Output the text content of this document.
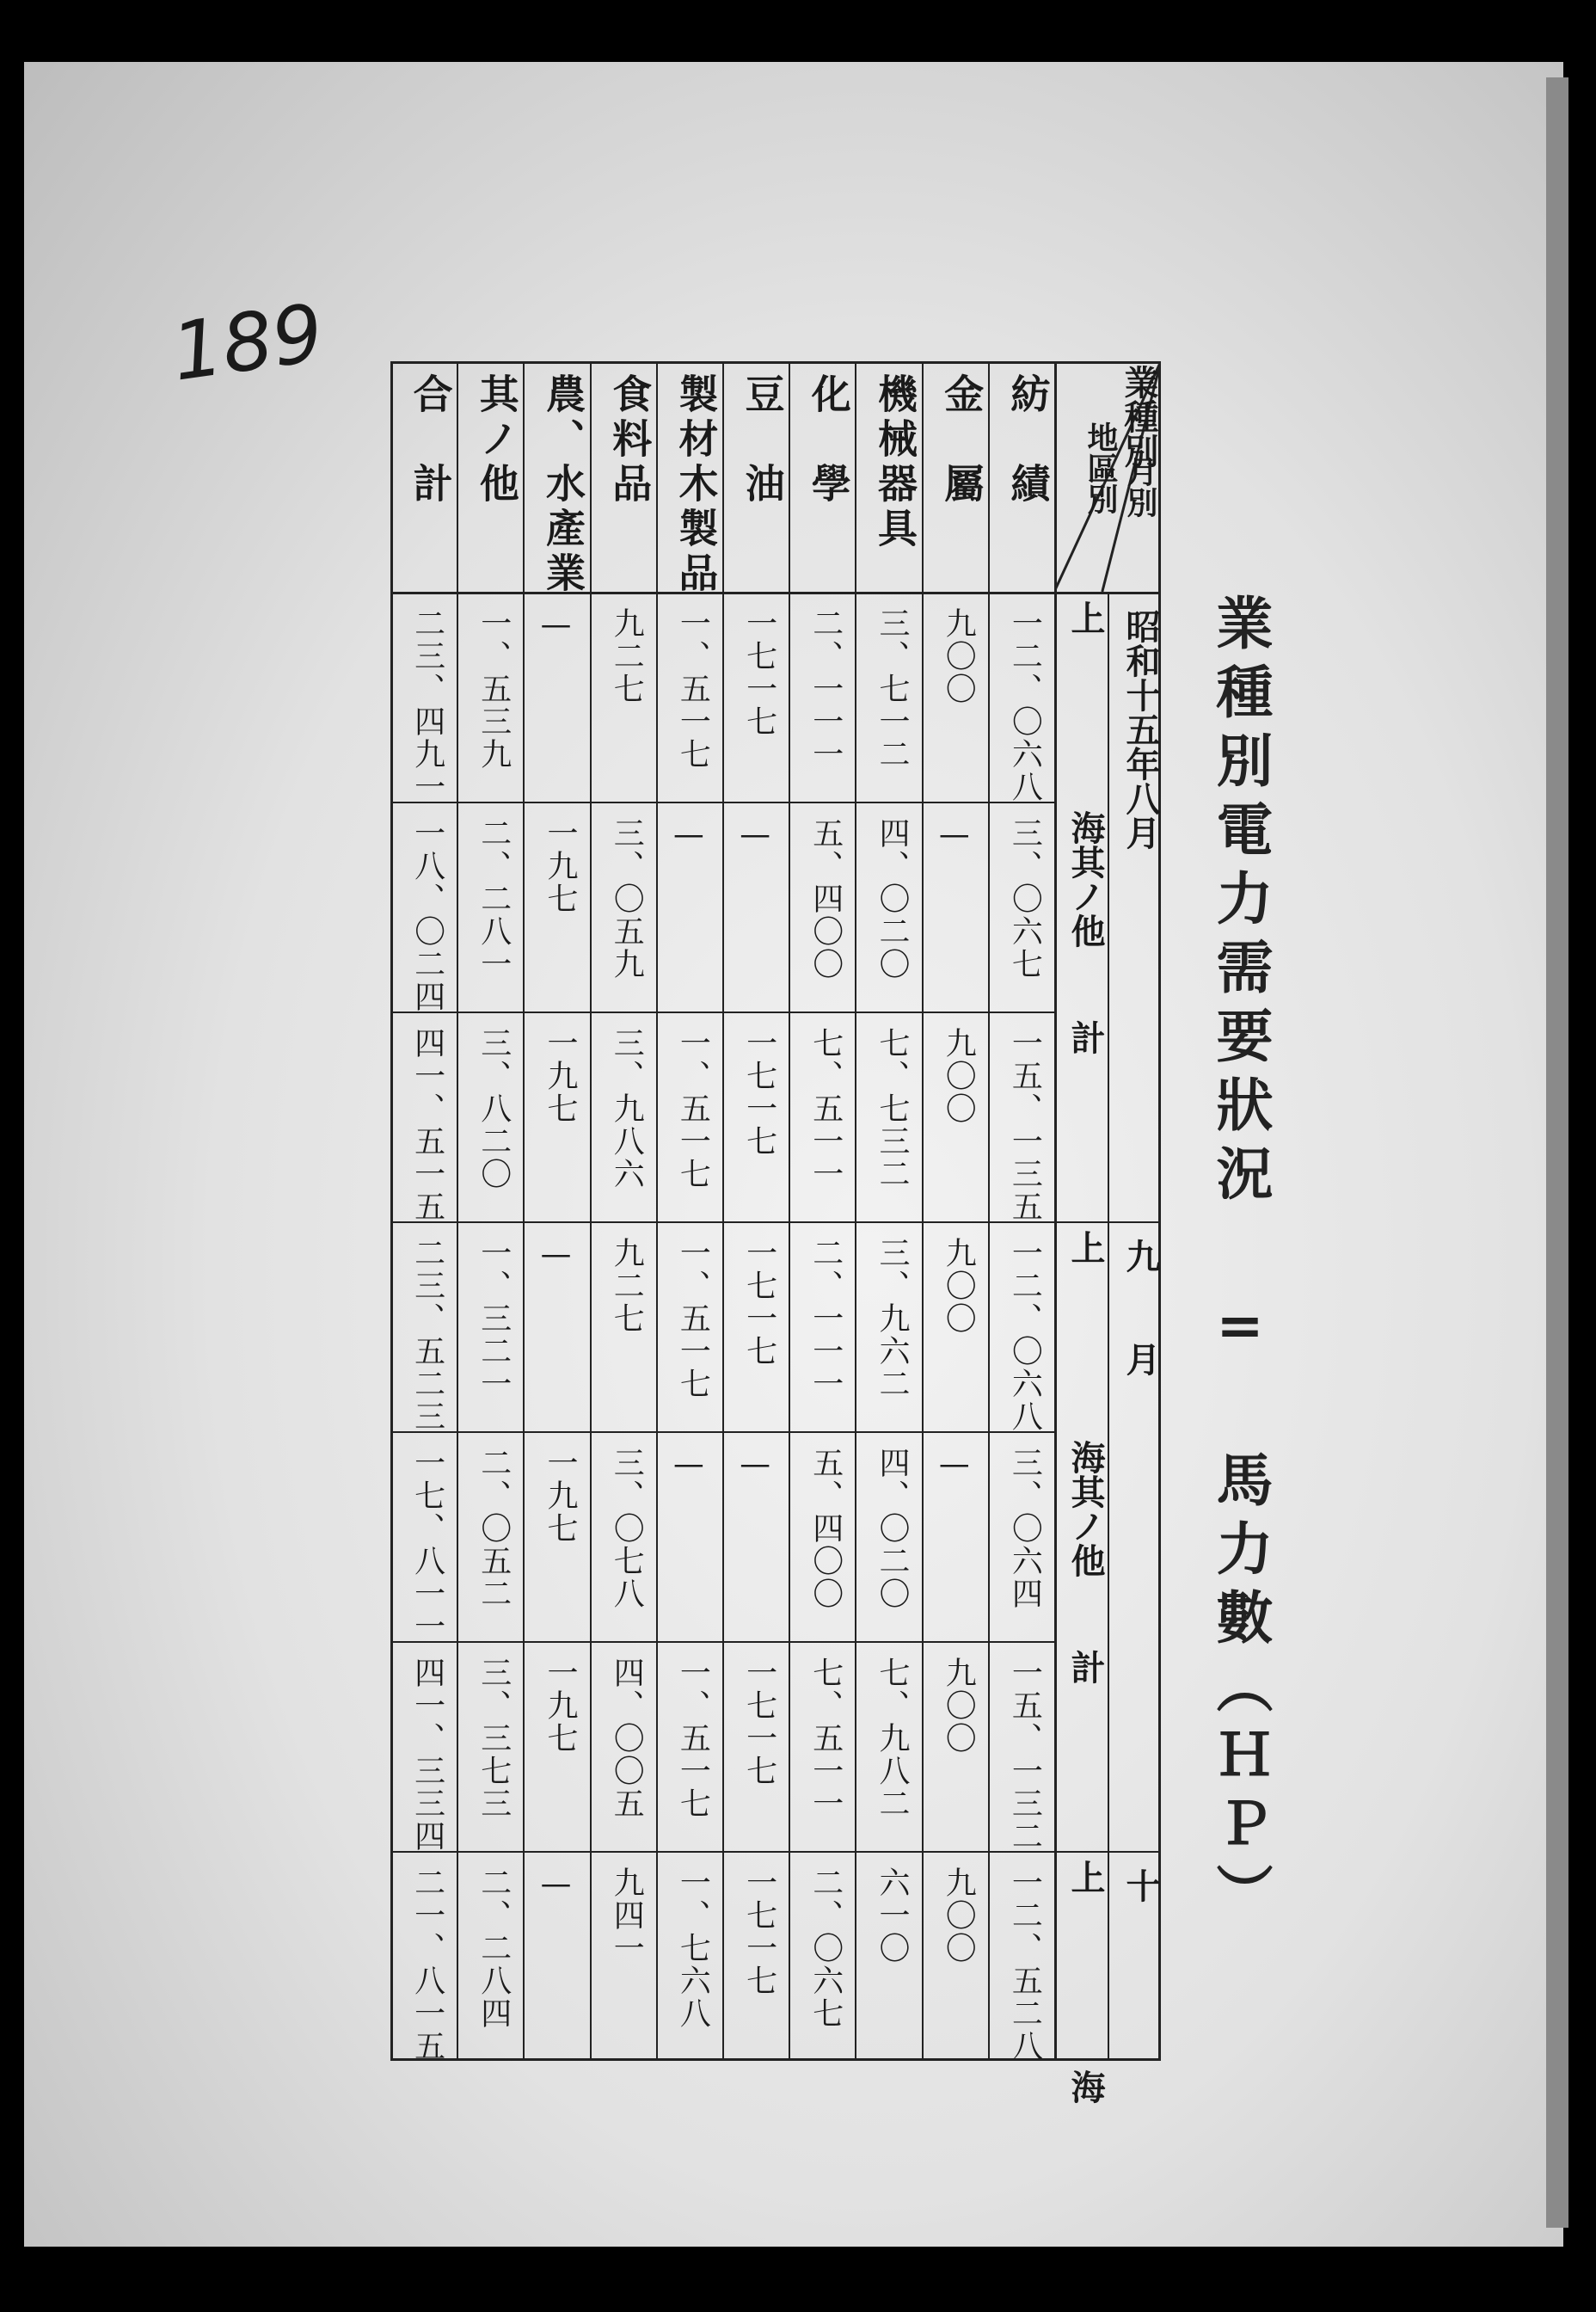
189
業種別電力需要狀況 = 馬力數（ＨＰ）
業種別
地區別 月別
昭和十五年八月
上
海其ノ他
計
九　　月
上
海其ノ他
計
十
上
海
紡　績
一二、〇六八
三、〇六七
一五、一三五
一二、〇六八
三、〇六四
一五、一三二
一二、五二八
金　屬
九〇〇
—
九〇〇
九〇〇
—
九〇〇
九〇〇
機械器具
三、七一二
四、〇二〇
七、七三二
三、九六二
四、〇二〇
七、九八二
六一〇
化　學
二、一一一
五、四〇〇
七、五一一
二、一一一
五、四〇〇
七、五一一
二、〇六七
豆　油
一七一七
—
一七一七
一七一七
—
一七一七
一七一七
製材木製品
一、五一七
—
一、五一七
一、五一七
—
一、五一七
一、七六八
食料品
九二七
三、〇五九
三、九八六
九二七
三、〇七八
四、〇〇五
九四一
農、水產業
—
一九七
一九七
—
一九七
一九七
—
其ノ他
一、五三九
二、二八一
三、八二〇
一、三二一
二、〇五二
三、三七三
二、二八四
合　計
二三、四九一
一八、〇二四
四一、五一五
二三、五二三
一七、八一一
四一、三三四
二一、八一五
